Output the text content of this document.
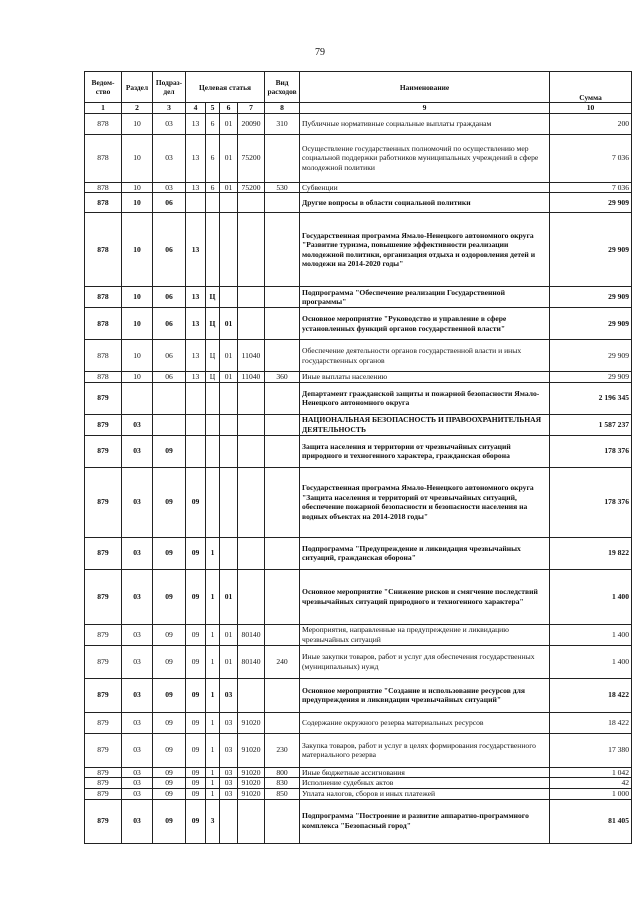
79
Ведом-ство	Раздел	Подраз-дел	Целевая статья				Вид расходов	Наименование	Сумма
1	2	3	4	5	6	7	8	9	10
878	10	03	13	6	01	20090	310	Публичные нормативные социальные выплаты гражданам	200
878	10	03	13	6	01	75200		Осуществление государственных полномочий по осуществлению мер социальной поддержки работников муниципальных учреждений в сфере молодежной политики	7 036
878	10	03	13	6	01	75200	530	Субвенции	7 036
878	10	06						Другие вопросы в области социальной политики	29 909
878	10	06	13					Государственная программа Ямало-Ненецкого автономного округа "Развитие туризма, повышение эффективности реализации молодежной политики, организация отдыха и оздоровления детей и молодежи на 2014-2020 годы"	29 909
878	10	06	13	Ц				Подпрограмма "Обеспечение реализации Государственной программы"	29 909
878	10	06	13	Ц	01			Основное мероприятие "Руководство и управление в сфере установленных функций органов государственной власти"	29 909
878	10	06	13	Ц	01	11040		Обеспечение деятельности органов государственной власти и иных государственных органов	29 909
878	10	06	13	Ц	01	11040	360	Иные выплаты населению	29 909
879								Департамент гражданской защиты и пожарной безопасности Ямало-Ненецкого автономного округа	2 196 345
879	03							НАЦИОНАЛЬНАЯ БЕЗОПАСНОСТЬ И ПРАВООХРАНИТЕЛЬНАЯ ДЕЯТЕЛЬНОСТЬ	1 587 237
879	03	09						Защита населения и территории от чрезвычайных ситуаций природного и техногенного характера, гражданская оборона	178 376
879	03	09	09					Государственная программа Ямало-Ненецкого автономного округа "Защита населения и территорий от чрезвычайных ситуаций, обеспечение пожарной безопасности и безопасности населения на водных объектах на 2014-2018 годы"	178 376
879	03	09	09	1				Подпрограмма "Предупреждение и ликвидация чрезвычайных ситуаций, гражданская оборона"	19 822
879	03	09	09	1	01			Основное мероприятие "Снижение рисков и смягчение последствий чрезвычайных ситуаций природного и техногенного характера"	1 400
879	03	09	09	1	01	80140		Мероприятия, направленные на предупреждение и ликвидацию чрезвычайных ситуаций	1 400
879	03	09	09	1	01	80140	240	Иные закупки товаров, работ и услуг для обеспечения государственных (муниципальных) нужд	1 400
879	03	09	09	1	03			Основное мероприятие "Создание и использование ресурсов для предупреждения и ликвидации чрезвычайных ситуаций"	18 422
879	03	09	09	1	03	91020		Содержание окружного резерва материальных ресурсов	18 422
879	03	09	09	1	03	91020	230	Закупка товаров, работ и услуг в целях формирования государственного материального резерва	17 380
879	03	09	09	1	03	91020	800	Иные бюджетные ассигнования	1 042
879	03	09	09	1	03	91020	830	Исполнение судебных актов	42
879	03	09	09	1	03	91020	850	Уплата налогов, сборов и иных платежей	1 000
879	03	09	09	3				Подпрограмма "Построение и развитие аппаратно-программного комплекса "Безопасный город"	81 405
